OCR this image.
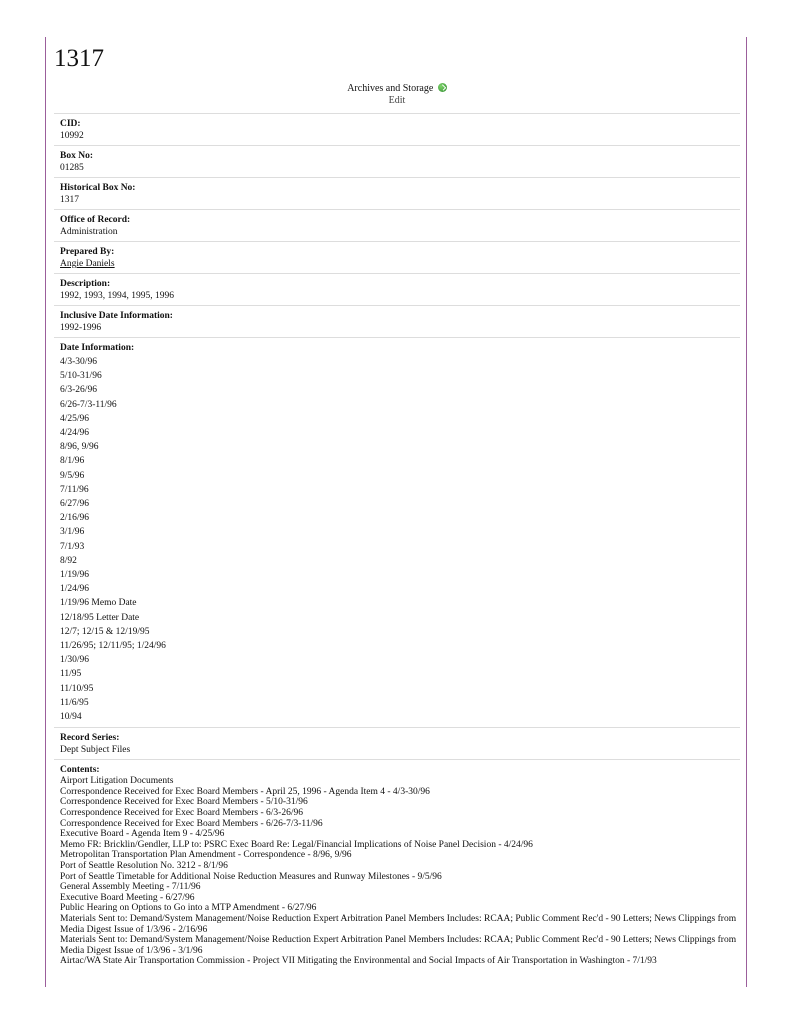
1317
Archives and Storage
Edit
CID:
10992
Box No:
01285
Historical Box No:
1317
Office of Record:
Administration
Prepared By:
Angie Daniels
Description:
1992, 1993, 1994, 1995, 1996
Inclusive Date Information:
1992-1996
Date Information:
4/3-30/96
5/10-31/96
6/3-26/96
6/26-7/3-11/96
4/25/96
4/24/96
8/96, 9/96
8/1/96
9/5/96
7/11/96
6/27/96
2/16/96
3/1/96
7/1/93
8/92
1/19/96
1/24/96
1/19/96 Memo Date
12/18/95 Letter Date
12/7; 12/15 & 12/19/95
11/26/95; 12/11/95; 1/24/96
1/30/96
11/95
11/10/95
11/6/95
10/94
Record Series:
Dept Subject Files
Contents:
Airport Litigation Documents
Correspondence Received for Exec Board Members - April 25, 1996 - Agenda Item 4 - 4/3-30/96
Correspondence Received for Exec Board Members - 5/10-31/96
Correspondence Received for Exec Board Members - 6/3-26/96
Correspondence Received for Exec Board Members - 6/26-7/3-11/96
Executive Board - Agenda Item 9 - 4/25/96
Memo FR: Bricklin/Gendler, LLP to: PSRC Exec Board Re: Legal/Financial Implications of Noise Panel Decision - 4/24/96
Metropolitan Transportation Plan Amendment - Correspondence - 8/96, 9/96
Port of Seattle Resolution No. 3212 - 8/1/96
Port of Seattle Timetable for Additional Noise Reduction Measures and Runway Milestones - 9/5/96
General Assembly Meeting - 7/11/96
Executive Board Meeting - 6/27/96
Public Hearing on Options to Go into a MTP Amendment - 6/27/96
Materials Sent to: Demand/System Management/Noise Reduction Expert Arbitration Panel Members Includes: RCAA; Public Comment Rec'd - 90 Letters; News Clippings from Media Digest Issue of 1/3/96 - 2/16/96
Materials Sent to: Demand/System Management/Noise Reduction Expert Arbitration Panel Members Includes: RCAA; Public Comment Rec'd - 90 Letters; News Clippings from Media Digest Issue of 1/3/96 - 3/1/96
Airtac/WA State Air Transportation Commission - Project VII Mitigating the Environmental and Social Impacts of Air Transportation in Washington - 7/1/93
